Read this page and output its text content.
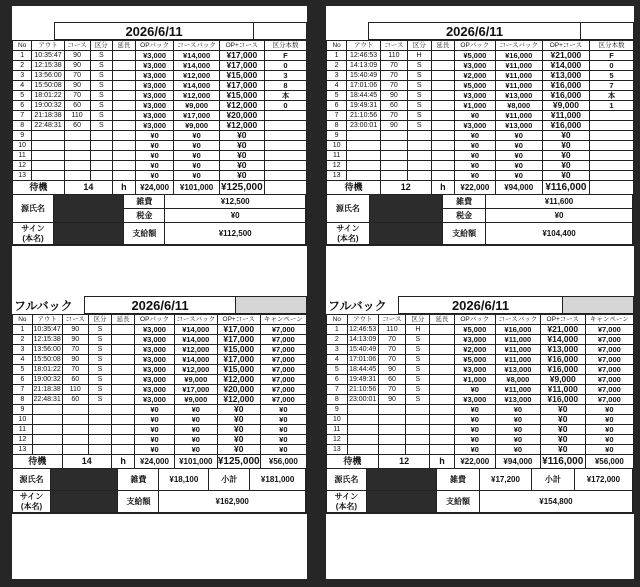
2026/6/11
No	アウト	コース	区分	延長	OPバック	コースバック	OP+コース	区分本数
1	10:35:47	90	S		¥3,000	¥14,000	¥17,000	F
2	12:15:38	90	S		¥3,000	¥14,000	¥17,000	0
3	13:56:00	70	S		¥3,000	¥12,000	¥15,000	3
4	15:50:08	90	S		¥3,000	¥14,000	¥17,000	8
5	18:01:22	70	S		¥3,000	¥12,000	¥15,000	本
6	19:00:32	60	S		¥3,000	¥9,000	¥12,000	0
7	21:18:38	110	S		¥3,000	¥17,000	¥20,000	
8	22:48:31	60	S		¥3,000	¥9,000	¥12,000	
9					¥0	¥0	¥0	
10					¥0	¥0	¥0	
11					¥0	¥0	¥0	
12					¥0	¥0	¥0	
13					¥0	¥0	¥0	
待機		14		h	¥24,000	¥101,000	¥125,000	
源氏名
雑費	¥12,500
税金	¥0
サイン
(本名)	支給額	¥112,500
フルバック	2026/6/11
No	アウト	コース	区分	延長	OPバック	コースバック	OP+コース	キャンペーン
1	10:35:47	90	S		¥3,000	¥14,000	¥17,000	¥7,000
2	12:15:38	90	S		¥3,000	¥14,000	¥17,000	¥7,000
3	13:56:00	70	S		¥3,000	¥12,000	¥15,000	¥7,000
4	15:50:08	90	S		¥3,000	¥14,000	¥17,000	¥7,000
5	18:01:22	70	S		¥3,000	¥12,000	¥15,000	¥7,000
6	19:00:32	60	S		¥3,000	¥9,000	¥12,000	¥7,000
7	21:18:38	110	S		¥3,000	¥17,000	¥20,000	¥7,000
8	22:48:31	60	S		¥3,000	¥9,000	¥12,000	¥7,000
9					¥0	¥0	¥0	¥0
10					¥0	¥0	¥0	¥0
11					¥0	¥0	¥0	¥0
12					¥0	¥0	¥0	¥0
13					¥0	¥0	¥0	¥0
待機		14		h	¥24,000	¥101,000	¥125,000	¥56,000
源氏名	雑費	¥18,100	小計	¥181,000
サイン
(本名)	支給額	¥162,900
2026/6/11
No	アウト	コース	区分	延長	OPバック	コースバック	OP+コース	区分本数
1	12:46:53	110	H		¥5,000	¥16,000	¥21,000	F
2	14:13:09	70	S		¥3,000	¥11,000	¥14,000	0
3	15:40:49	70	S		¥2,000	¥11,000	¥13,000	5
4	17:01:06	70	S		¥5,000	¥11,000	¥16,000	7
5	18:44:45	90	S		¥3,000	¥13,000	¥16,000	本
6	19:49:31	60	S		¥1,000	¥8,000	¥9,000	1
7	21:10:56	70	S		¥0	¥11,000	¥11,000	
8	23:00:01	90	S		¥3,000	¥13,000	¥16,000	
9					¥0	¥0	¥0	
10					¥0	¥0	¥0	
11					¥0	¥0	¥0	
12					¥0	¥0	¥0	
13					¥0	¥0	¥0	
待機		12		h	¥22,000	¥94,000	¥116,000	
源氏名
雑費	¥11,600
税金	¥0
サイン
(本名)	支給額	¥104,400
フルバック	2026/6/11
No	アウト	コース	区分	延長	OPバック	コースバック	OP+コース	キャンペーン
1	12:46:53	110	H		¥5,000	¥16,000	¥21,000	¥7,000
2	14:13:09	70	S		¥3,000	¥11,000	¥14,000	¥7,000
3	15:40:49	70	S		¥2,000	¥11,000	¥13,000	¥7,000
4	17:01:06	70	S		¥5,000	¥11,000	¥16,000	¥7,000
5	18:44:45	90	S		¥3,000	¥13,000	¥16,000	¥7,000
6	19:49:31	60	S		¥1,000	¥8,000	¥9,000	¥7,000
7	21:10:56	70	S		¥0	¥11,000	¥11,000	¥7,000
8	23:00:01	90	S		¥3,000	¥13,000	¥16,000	¥7,000
9					¥0	¥0	¥0	¥0
10					¥0	¥0	¥0	¥0
11					¥0	¥0	¥0	¥0
12					¥0	¥0	¥0	¥0
13					¥0	¥0	¥0	¥0
待機		12		h	¥22,000	¥94,000	¥116,000	¥56,000
源氏名	雑費	¥17,200	小計	¥172,000
サイン
(本名)	支給額	¥154,800
